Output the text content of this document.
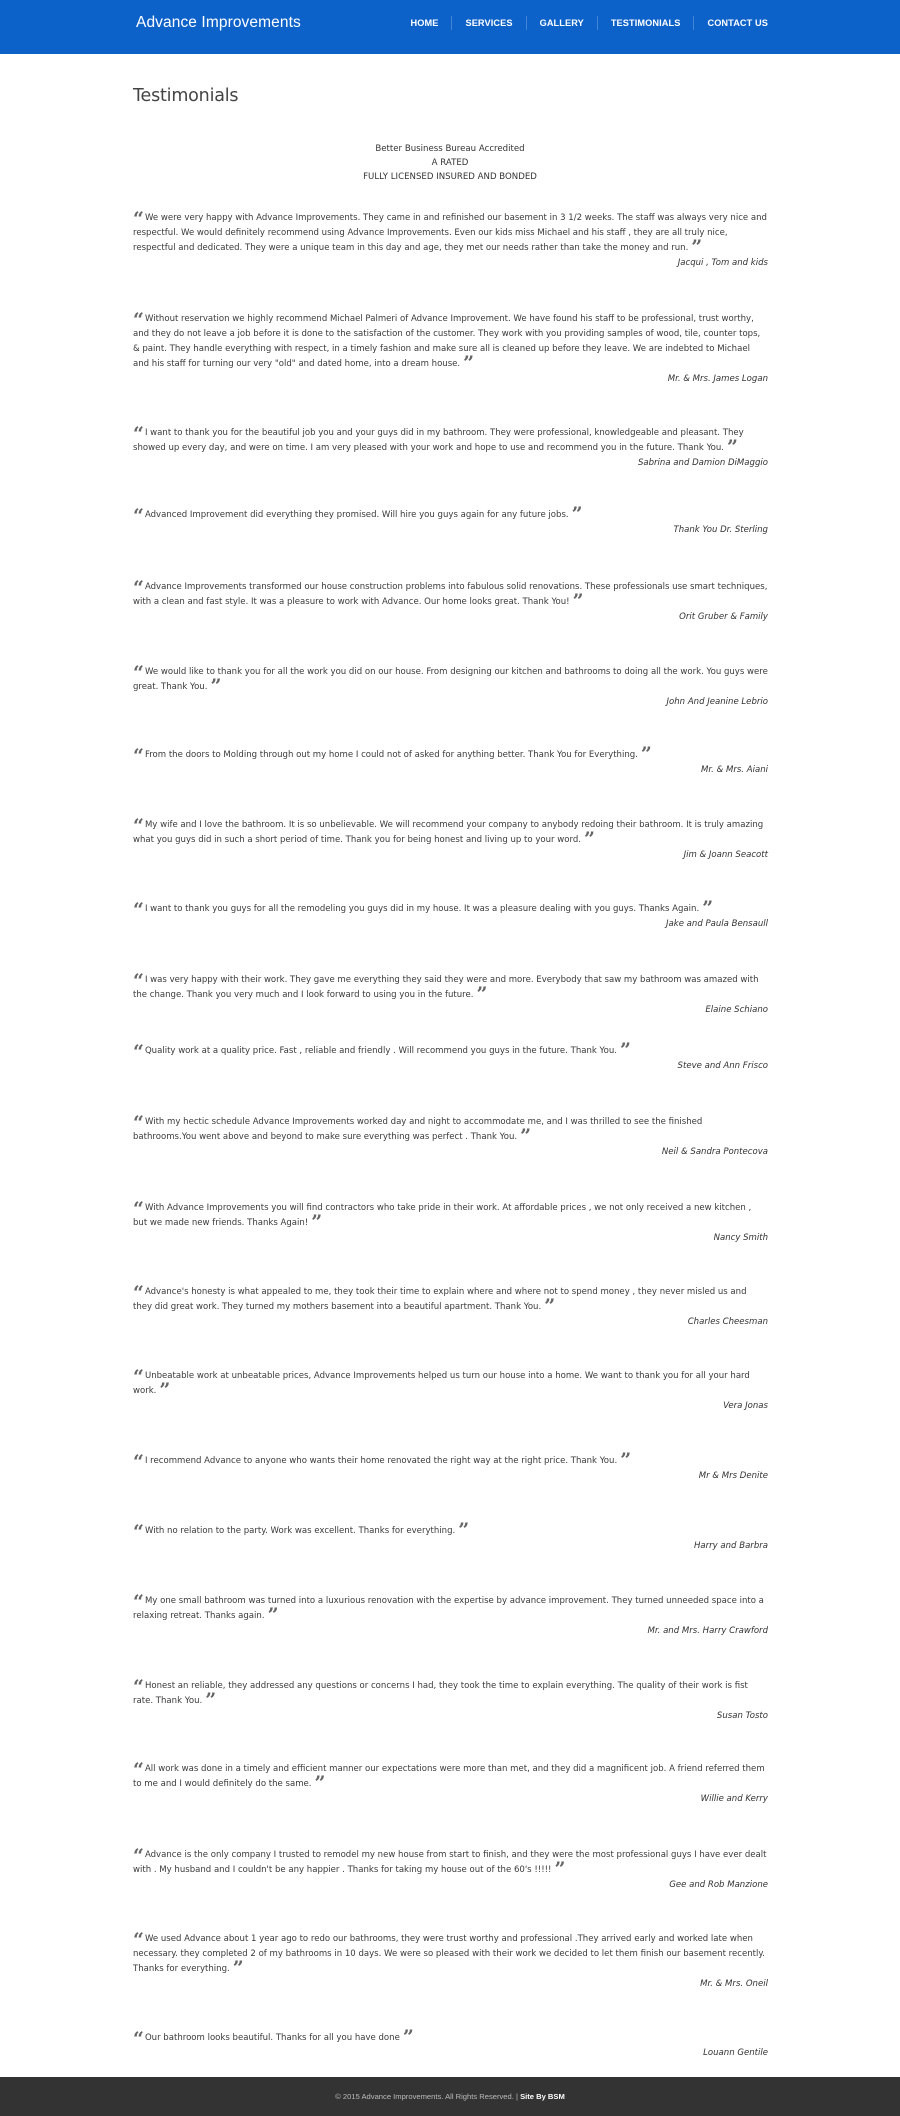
Advance Improvements	HOME	SERVICES	GALLERY	TESTIMONIALS	CONTACT US
Testimonials
Better Business Bureau Accredited
A RATED
FULLY LICENSED INSURED AND BONDED

“ We were very happy with Advance Improvements. They came in and refinished our basement in 3 1/2 weeks. The staff was always very nice and respectful. We would definitely recommend using Advance Improvements. Even our kids miss Michael and his staff , they are all truly nice, respectful and dedicated. They were a unique team in this day and age, they met our needs rather than take the money and run. ”

Jacqui , Tom and kids

“ Without reservation we highly recommend Michael Palmeri of Advance Improvement. We have found his staff to be professional, trust worthy, and they do not leave a job before it is done to the satisfaction of the customer. They work with you providing samples of wood, tile, counter tops, & paint. They handle everything with respect, in a timely fashion and make sure all is cleaned up before they leave. We are indebted to Michael and his staff for turning our very "old" and dated home, into a dream house. ”

Mr. & Mrs. James Logan

“ I want to thank you for the beautiful job you and your guys did in my bathroom. They were professional, knowledgeable and pleasant. They showed up every day, and were on time. I am very pleased with your work and hope to use and recommend you in the future. Thank You. ”

Sabrina and Damion DiMaggio

“ Advanced Improvement did everything they promised. Will hire you guys again for any future jobs. ”

Thank You Dr. Sterling

“ Advance Improvements transformed our house construction problems into fabulous solid renovations. These professionals use smart techniques, with a clean and fast style. It was a pleasure to work with Advance. Our home looks great. Thank You! ”

Orit Gruber & Family

“ We would like to thank you for all the work you did on our house. From designing our kitchen and bathrooms to doing all the work. You guys were great. Thank You. ”

John And Jeanine Lebrio

“ From the doors to Molding through out my home I could not of asked for anything better. Thank You for Everything. ”

Mr. & Mrs. Aiani

“ My wife and I love the bathroom. It is so unbelievable. We will recommend your company to anybody redoing their bathroom. It is truly amazing what you guys did in such a short period of time. Thank you for being honest and living up to your word. ”

Jim & Joann Seacott

“ I want to thank you guys for all the remodeling you guys did in my house. It was a pleasure dealing with you guys. Thanks Again. ”

Jake and Paula Bensaull

“ I was very happy with their work. They gave me everything they said they were and more. Everybody that saw my bathroom was amazed with the change. Thank you very much and I look forward to using you in the future. ”

Elaine Schiano

“ Quality work at a quality price. Fast , reliable and friendly . Will recommend you guys in the future. Thank You. ”

Steve and Ann Frisco

“ With my hectic schedule Advance Improvements worked day and night to accommodate me, and I was thrilled to see the finished bathrooms.You went above and beyond to make sure everything was perfect . Thank You. ”

Neil & Sandra Pontecova

“ With Advance Improvements you will find contractors who take pride in their work. At affordable prices , we not only received a new kitchen , but we made new friends. Thanks Again! ”

Nancy Smith

“ Advance's honesty is what appealed to me, they took their time to explain where and where not to spend money , they never misled us and they did great work. They turned my mothers basement into a beautiful apartment. Thank You. ”

Charles Cheesman

“ Unbeatable work at unbeatable prices, Advance Improvements helped us turn our house into a home. We want to thank you for all your hard work. ”

Vera Jonas

“ I recommend Advance to anyone who wants their home renovated the right way at the right price. Thank You. ”

Mr & Mrs Denite

“ With no relation to the party. Work was excellent. Thanks for everything. ”

Harry and Barbra

“ My one small bathroom was turned into a luxurious renovation with the expertise by advance improvement. They turned unneeded space into a relaxing retreat. Thanks again. ”

Mr. and Mrs. Harry Crawford

“ Honest an reliable, they addressed any questions or concerns I had, they took the time to explain everything. The quality of their work is fist rate. Thank You. ”

Susan Tosto

“ All work was done in a timely and efficient manner our expectations were more than met, and they did a magnificent job. A friend referred them to me and I would definitely do the same. ”

Willie and Kerry

“ Advance is the only company I trusted to remodel my new house from start to finish, and they were the most professional guys I have ever dealt with . My husband and I couldn't be any happier . Thanks for taking my house out of the 60's !!!!! ”

Gee and Rob Manzione

“ We used Advance about 1 year ago to redo our bathrooms, they were trust worthy and professional .They arrived early and worked late when necessary. they completed 2 of my bathrooms in 10 days. We were so pleased with their work we decided to let them finish our basement recently. Thanks for everything. ”

Mr. & Mrs. Oneil

“ Our bathroom looks beautiful. Thanks for all you have done ”

Louann Gentile
© 2015 Advance Improvements. All Rights Reserved. | Site By BSM
